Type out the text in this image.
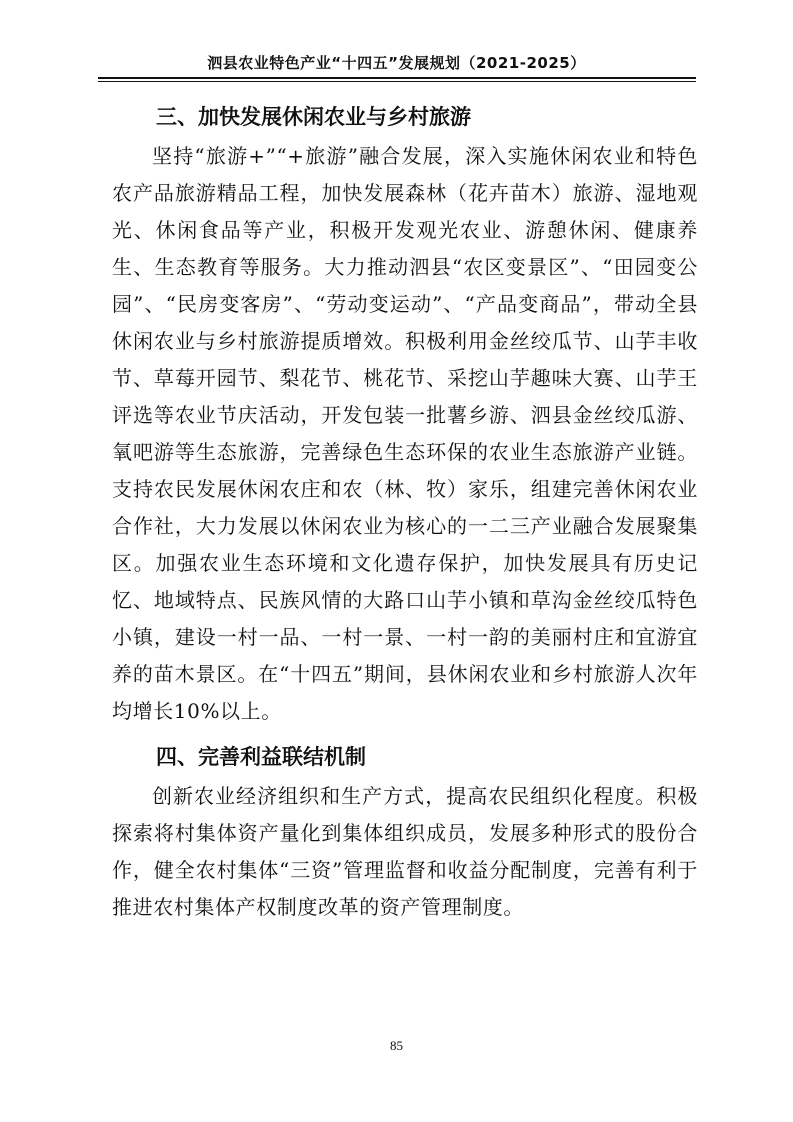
泗县农业特色产业“十四五”发展规划（2021-2025）
三、加快发展休闲农业与乡村旅游

坚持“旅游+”“+旅游”融合发展，深入实施休闲农业和特色农产品旅游精品工程，加快发展森林（花卉苗木）旅游、湿地观光、休闲食品等产业，积极开发观光农业、游憩休闲、健康养生、生态教育等服务。大力推动泗县“农区变景区”、“田园变公园”、“民房变客房”、“劳动变运动”、“产品变商品”，带动全县休闲农业与乡村旅游提质增效。积极利用金丝绞瓜节、山芋丰收节、草莓开园节、梨花节、桃花节、采挖山芋趣味大赛、山芋王评选等农业节庆活动，开发包装一批薯乡游、泗县金丝绞瓜游、氧吧游等生态旅游，完善绿色生态环保的农业生态旅游产业链。支持农民发展休闲农庄和农（林、牧）家乐，组建完善休闲农业合作社，大力发展以休闲农业为核心的一二三产业融合发展聚集区。加强农业生态环境和文化遗存保护，加快发展具有历史记忆、地域特点、民族风情的大路口山芋小镇和草沟金丝绞瓜特色小镇，建设一村一品、一村一景、一村一韵的美丽村庄和宜游宜养的苗木景区。在“十四五”期间，县休闲农业和乡村旅游人次年均增长10%以上。

四、完善利益联结机制

创新农业经济组织和生产方式，提高农民组织化程度。积极探索将村集体资产量化到集体组织成员，发展多种形式的股份合作，健全农村集体“三资”管理监督和收益分配制度，完善有利于推进农村集体产权制度改革的资产管理制度。

85
